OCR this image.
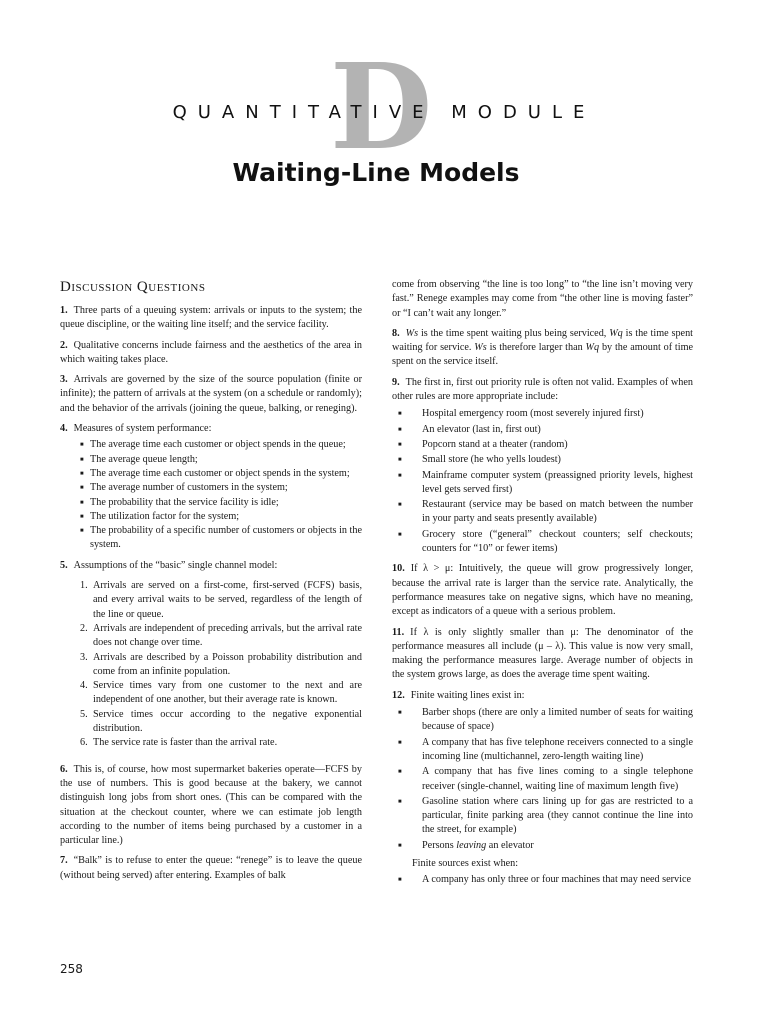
D
QUANTITATIVE MODULE
Waiting-Line Models
Discussion Questions

1. Three parts of a queuing system: arrivals or inputs to the system; the queue discipline, or the waiting line itself; and the service facility.

2. Qualitative concerns include fairness and the aesthetics of the area in which waiting takes place.

3. Arrivals are governed by the size of the source population (finite or infinite); the pattern of arrivals at the system (on a schedule or randomly); and the behavior of the arrivals (joining the queue, balking, or reneging).

4. Measures of system performance:

■ The average time each customer or object spends in the queue;
■ The average queue length;
■ The average time each customer or object spends in the system;
■ The average number of customers in the system;
■ The probability that the service facility is idle;
■ The utilization factor for the system;
■ The probability of a specific number of customers or objects in the system.

5. Assumptions of the “basic” single channel model:

1. Arrivals are served on a first-come, first-served (FCFS) basis, and every arrival waits to be served, regardless of the length of the line or queue.
2. Arrivals are independent of preceding arrivals, but the arrival rate does not change over time.
3. Arrivals are described by a Poisson probability distribution and come from an infinite population.
4. Service times vary from one customer to the next and are independent of one another, but their average rate is known.
5. Service times occur according to the negative exponential distribution.
6. The service rate is faster than the arrival rate.

6. This is, of course, how most supermarket bakeries operate—FCFS by the use of numbers. This is good because at the bakery, we cannot distinguish long jobs from short ones. (This can be compared with the situation at the checkout counter, where we can estimate job length according to the number of items being purchased by a customer in a particular line.)

7. “Balk” is to refuse to enter the queue: “renege” is to leave the queue (without being served) after entering. Examples of balk

come from observing “the line is too long” to “the line isn’t moving very fast.” Renege examples may come from “the other line is moving faster” or “I can’t wait any longer.”

8. Ws is the time spent waiting plus being serviced, Wq is the time spent waiting for service. Ws is therefore larger than Wq by the amount of time spent on the service itself.

9. The first in, first out priority rule is often not valid. Examples of when other rules are more appropriate include:

■ Hospital emergency room (most severely injured first)
■ An elevator (last in, first out)
■ Popcorn stand at a theater (random)
■ Small store (he who yells loudest)
■ Mainframe computer system (preassigned priority levels, highest level gets served first)
■ Restaurant (service may be based on match between the number in your party and seats presently available)
■ Grocery store (“general” checkout counters; self checkouts; counters for “10” or fewer items)

10. If λ > μ: Intuitively, the queue will grow progressively longer, because the arrival rate is larger than the service rate. Analytically, the performance measures take on negative signs, which have no meaning, except as indicators of a queue with a serious problem.

11. If λ is only slightly smaller than μ: The denominator of the performance measures all include (μ – λ). This value is now very small, making the performance measures large. Average number of objects in the system grows large, as does the average time spent waiting.

12. Finite waiting lines exist in:

■ Barber shops (there are only a limited number of seats for waiting because of space)
■ A company that has five telephone receivers connected to a single incoming line (multichannel, zero-length waiting line)
■ A company that has five lines coming to a single telephone receiver (single-channel, waiting line of maximum length five)
■ Gasoline station where cars lining up for gas are restricted to a particular, finite parking area (they cannot continue the line into the street, for example)
■ Persons leaving an elevator

Finite sources exist when:

■ A company has only three or four machines that may need service
258
